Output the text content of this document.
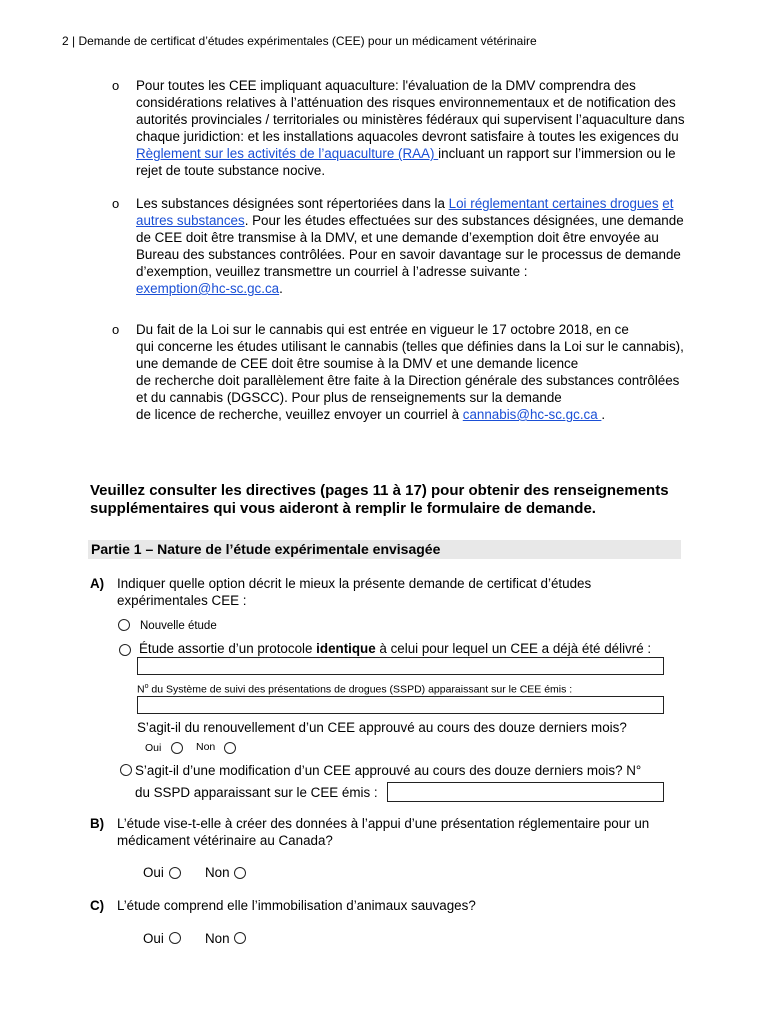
2 | Demande de certificat d’études expérimentales (CEE) pour un médicament vétérinaire
o Pour toutes les CEE impliquant aquaculture: l'évaluation de la DMV comprendra des
considérations relatives à l’atténuation des risques environnementaux et de notification des
autorités provinciales / territoriales ou ministères fédéraux qui supervisent l’aquaculture dans
chaque juridiction: et les installations aquacoles devront satisfaire à toutes les exigences du
Règlement sur les activités de l’aquaculture (RAA) incluant un rapport sur l’immersion ou le
rejet de toute substance nocive.
o Les substances désignées sont répertoriées dans la Loi réglementant certaines drogues et
autres substances. Pour les études effectuées sur des substances désignées, une demande
de CEE doit être transmise à la DMV, et une demande d’exemption doit être envoyée au
Bureau des substances contrôlées. Pour en savoir davantage sur le processus de demande
d’exemption, veuillez transmettre un courriel à l’adresse suivante :
exemption@hc-sc.gc.ca.
o Du fait de la Loi sur le cannabis qui est entrée en vigueur le 17 octobre 2018, en ce
qui concerne les études utilisant le cannabis (telles que définies dans la Loi sur le cannabis),
une demande de CEE doit être soumise à la DMV et une demande licence
de recherche doit parallèlement être faite à la Direction générale des substances contrôlées
et du cannabis (DGSCC). Pour plus de renseignements sur la demande
de licence de recherche, veuillez envoyer un courriel à cannabis@hc-sc.gc.ca .
Veuillez consulter les directives (pages 11 à 17) pour obtenir des renseignements
supplémentaires qui vous aideront à remplir le formulaire de demande.
Partie 1 – Nature de l’étude expérimentale envisagée
A) Indiquer quelle option décrit le mieux la présente demande de certificat d’études
expérimentales CEE :
Nouvelle étude
Étude assortie d’un protocole identique à celui pour lequel un CEE a déjà été délivré :
$N^o$ du Système de suivi des présentations de drogues (SSPD) apparaissant sur le CEE émis :
S’agit-il du renouvellement d’un CEE approuvé au cours des douze derniers mois?
Oui	Non
S’agit-il d’une modification d’un CEE approuvé au cours des douze derniers mois? N°
du SSPD apparaissant sur le CEE émis :
B) L’étude vise-t-elle à créer des données à l’appui d’une présentation réglementaire pour un
médicament vétérinaire au Canada?
Oui	Non
C) L’étude comprend elle l’immobilisation d’animaux sauvages?
Oui	Non
